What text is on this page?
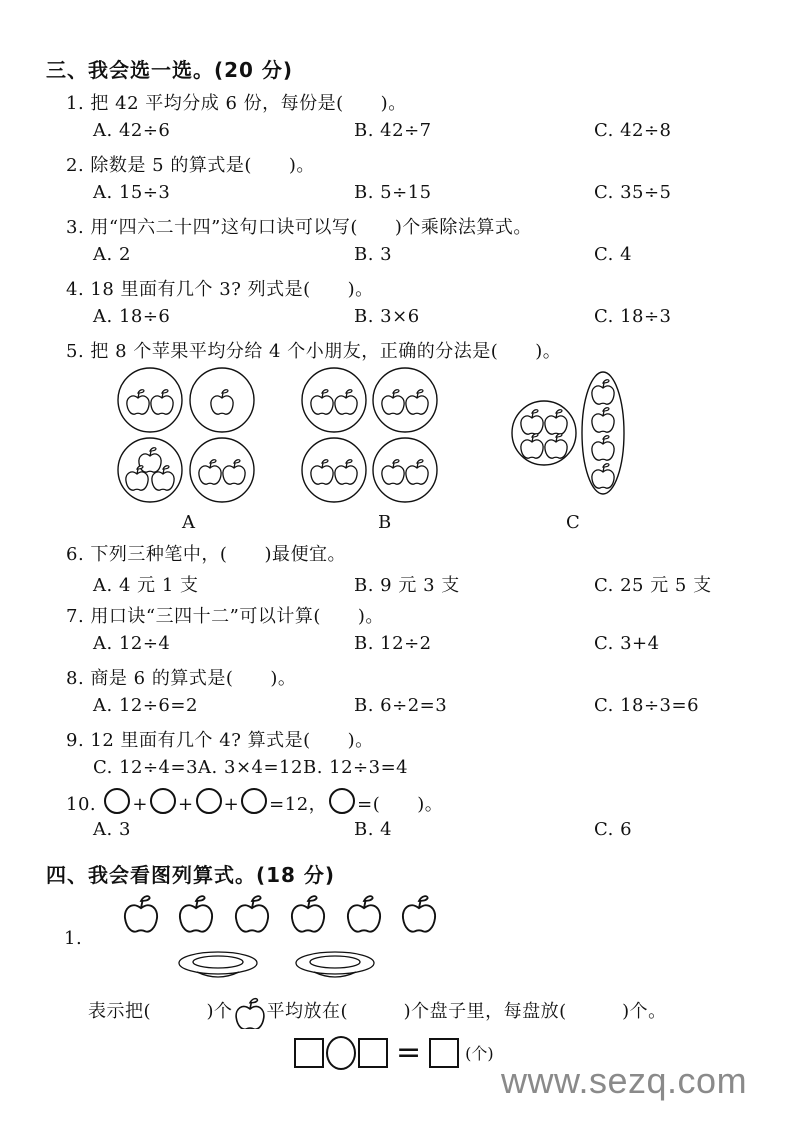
三、我会选一选。(20 分)
1. 把 42 平均分成 6 份，每份是(　　)。
A. 42÷6	B. 42÷7	C. 42÷8
2. 除数是 5 的算式是(　　)。
A. 15÷3	B. 5÷15	C. 35÷5
3. 用“四六二十四”这句口诀可以写(　　)个乘除法算式。
A. 2	B. 3	C. 4
4. 18 里面有几个 3? 列式是(　　)。
A. 18÷6	B. 3×6	C. 18÷3
5. 把 8 个苹果平均分给 4 个小朋友，正确的分法是(　　)。
A	B	C
6. 下列三种笔中，(　　)最便宜。
A. 4 元 1 支	B. 9 元 3 支	C. 25 元 5 支
7. 用口诀“三四十二”可以计算(　　)。
A. 12÷4	B. 12÷2	C. 3+4
8. 商是 6 的算式是(　　)。
A. 12÷6=2	B. 6÷2=3	C. 18÷3=6
9. 12 里面有几个 4? 算式是(　　)。
C. 12÷4=3A. 3×4=12B. 12÷3=4
10. + + + =12， =(　　)。
A. 3	B. 4	C. 6
四、我会看图列算式。(18 分)
1.
表示把(　　　)个 平均放在(　　　)个盘子里，每盘放(　　　)个。
=	(个)
www.sezq.com
